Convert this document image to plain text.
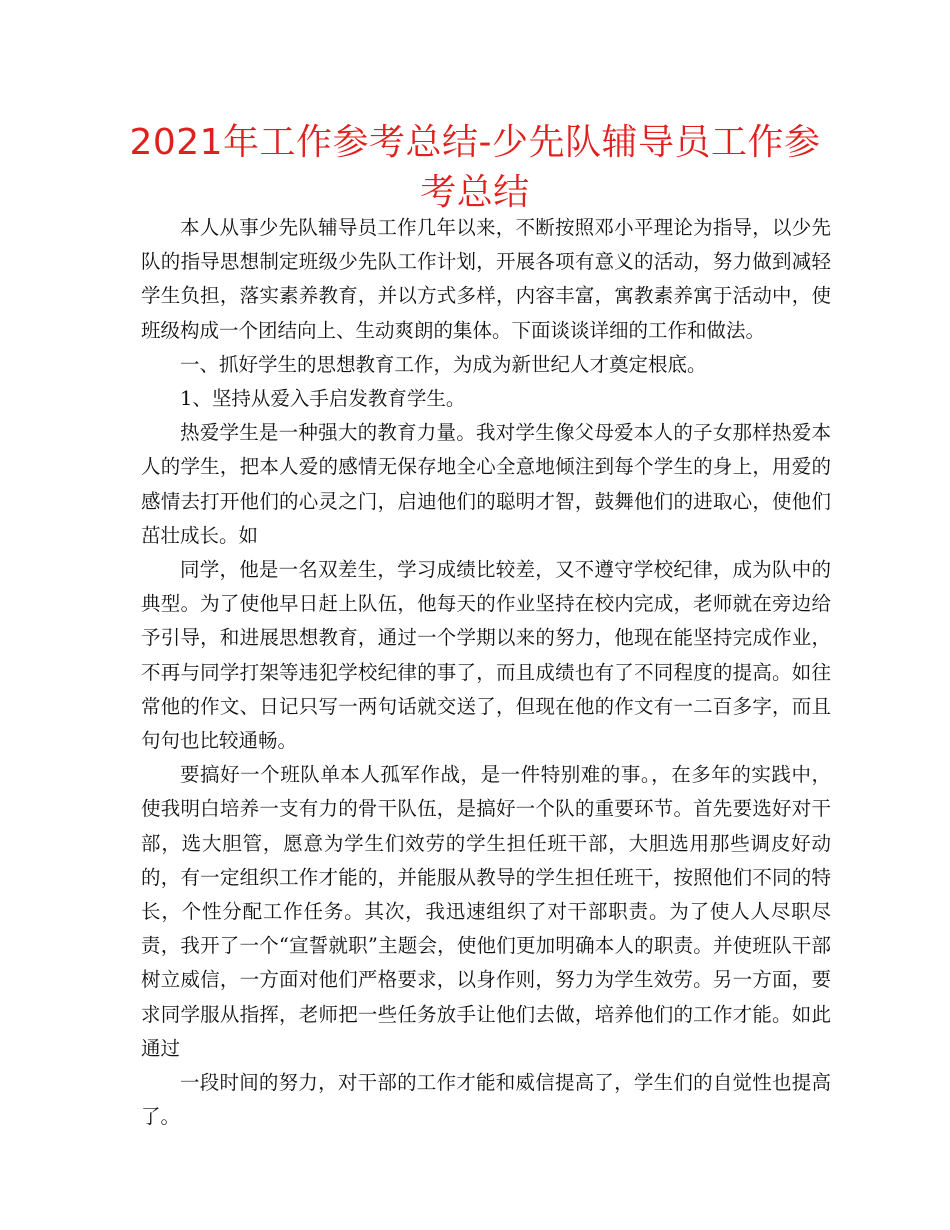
2021年工作参考总结-少先队辅导员工作参考总结

本人从事少先队辅导员工作几年以来，不断按照邓小平理论为指导，以少先队的指导思想制定班级少先队工作计划，开展各项有意义的活动，努力做到减轻学生负担，落实素养教育，并以方式多样，内容丰富，寓教素养寓于活动中，使班级构成一个团结向上、生动爽朗的集体。下面谈谈详细的工作和做法。

一、抓好学生的思想教育工作，为成为新世纪人才奠定根底。

1、坚持从爱入手启发教育学生。

热爱学生是一种强大的教育力量。我对学生像父母爱本人的子女那样热爱本人的学生，把本人爱的感情无保存地全心全意地倾注到每个学生的身上，用爱的感情去打开他们的心灵之门，启迪他们的聪明才智，鼓舞他们的进取心，使他们茁壮成长。如

同学，他是一名双差生，学习成绩比较差，又不遵守学校纪律，成为队中的典型。为了使他早日赶上队伍，他每天的作业坚持在校内完成，老师就在旁边给予引导，和进展思想教育，通过一个学期以来的努力，他现在能坚持完成作业，不再与同学打架等违犯学校纪律的事了，而且成绩也有了不同程度的提高。如往常他的作文、日记只写一两句话就交送了，但现在他的作文有一二百多字，而且句句也比较通畅。

要搞好一个班队单本人孤军作战，是一件特别难的事。，在多年的实践中，使我明白培养一支有力的骨干队伍，是搞好一个队的重要环节。首先要选好对干部，选大胆管，愿意为学生们效劳的学生担任班干部，大胆选用那些调皮好动的，有一定组织工作才能的，并能服从教导的学生担任班干，按照他们不同的特长，个性分配工作任务。其次，我迅速组织了对干部职责。为了使人人尽职尽责，我开了一个“宣誓就职”主题会，使他们更加明确本人的职责。并使班队干部树立威信，一方面对他们严格要求，以身作则，努力为学生效劳。另一方面，要求同学服从指挥，老师把一些任务放手让他们去做，培养他们的工作才能。如此通过

一段时间的努力，对干部的工作才能和威信提高了，学生们的自觉性也提高了。
